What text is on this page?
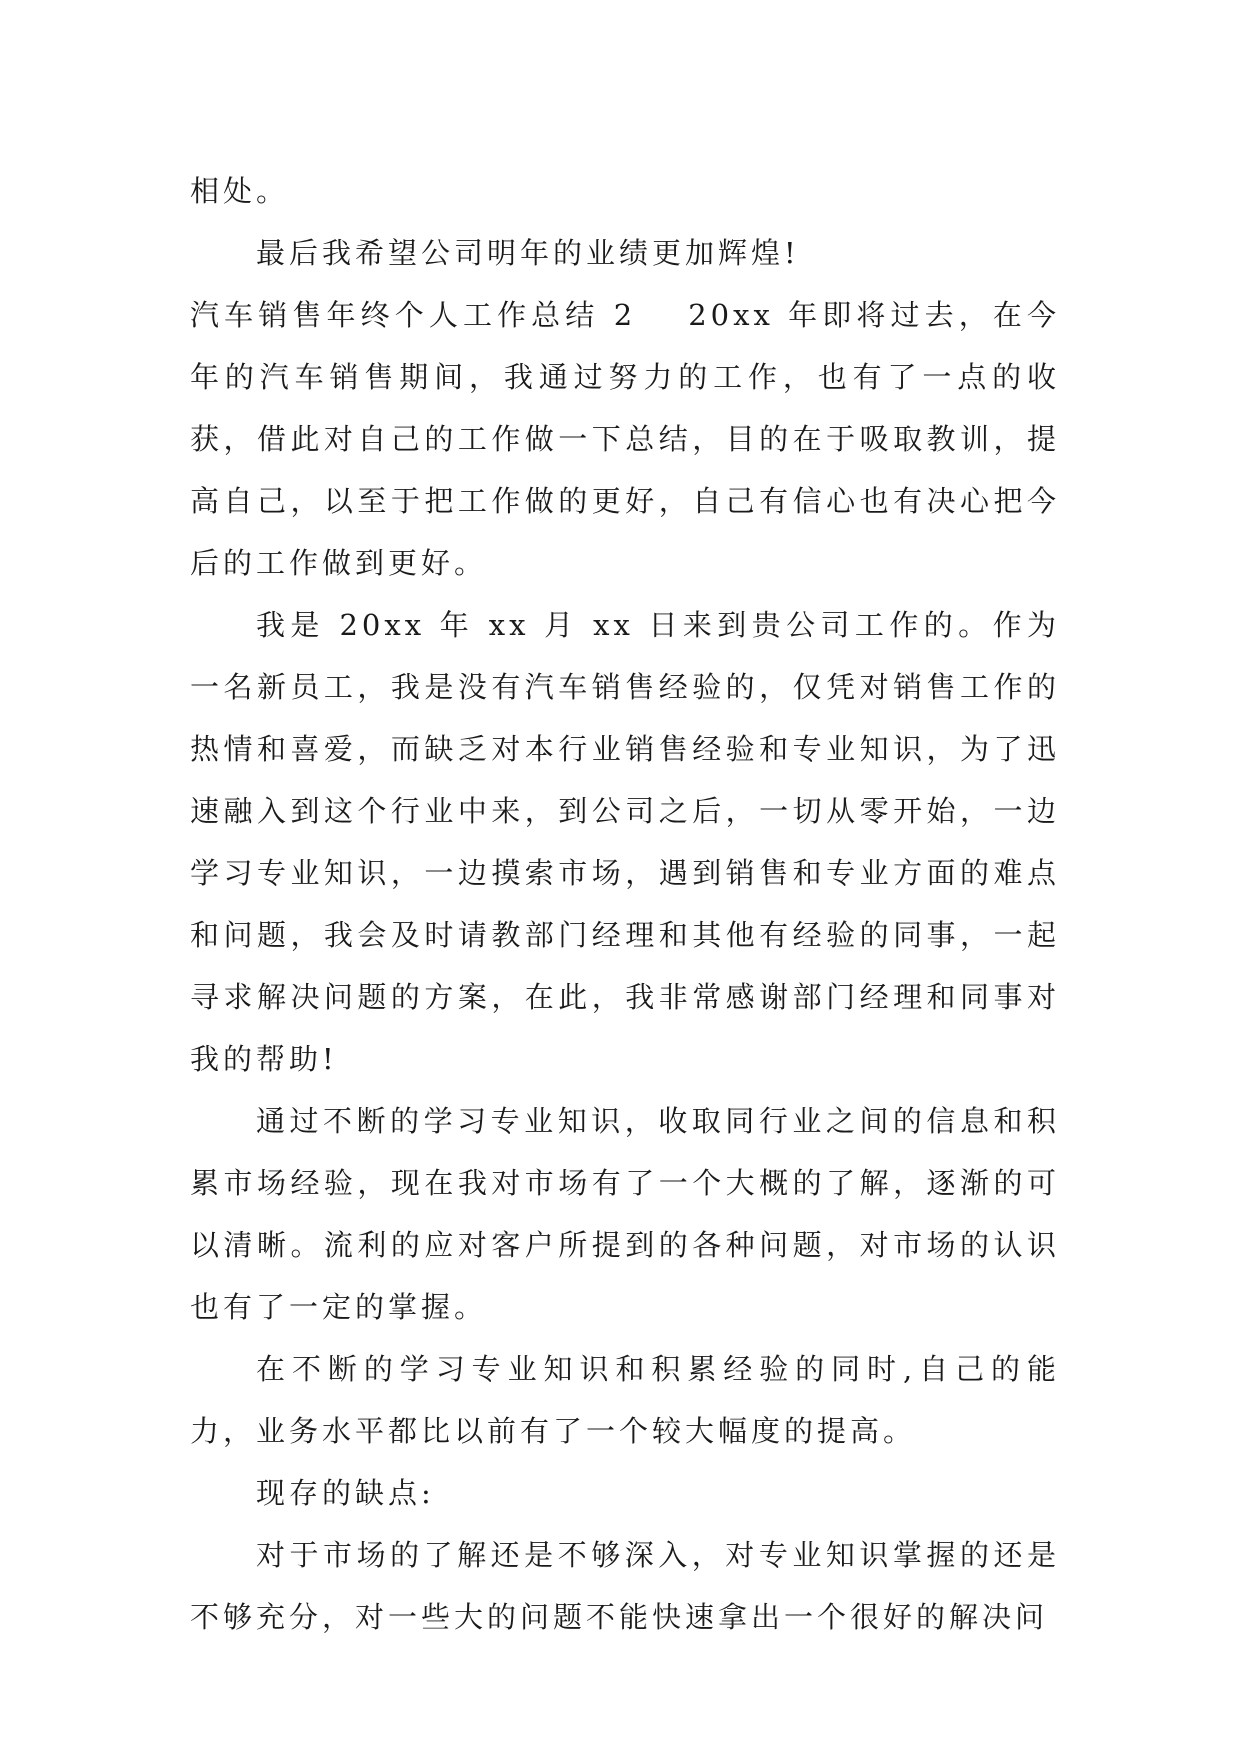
相处。

最后我希望公司明年的业绩更加辉煌!

汽车销售年终个人工作总结 2 20xx 年即将过去，在今年的汽车销售期间，我通过努力的工作，也有了一点的收获，借此对自己的工作做一下总结，目的在于吸取教训，提高自己，以至于把工作做的更好，自己有信心也有决心把今后的工作做到更好。

我是 20xx 年 xx 月 xx 日来到贵公司工作的。作为一名新员工，我是没有汽车销售经验的，仅凭对销售工作的热情和喜爱，而缺乏对本行业销售经验和专业知识，为了迅速融入到这个行业中来，到公司之后，一切从零开始，一边学习专业知识，一边摸索市场，遇到销售和专业方面的难点和问题，我会及时请教部门经理和其他有经验的同事，一起寻求解决问题的方案，在此，我非常感谢部门经理和同事对我的帮助!

通过不断的学习专业知识，收取同行业之间的信息和积累市场经验，现在我对市场有了一个大概的了解，逐渐的可以清晰。流利的应对客户所提到的各种问题，对市场的认识也有了一定的掌握。

在不断的学习专业知识和积累经验的同时,自己的能力，业务水平都比以前有了一个较大幅度的提高。

现存的缺点:

对于市场的了解还是不够深入，对专业知识掌握的还是不够充分，对一些大的问题不能快速拿出一个很好的解决问
